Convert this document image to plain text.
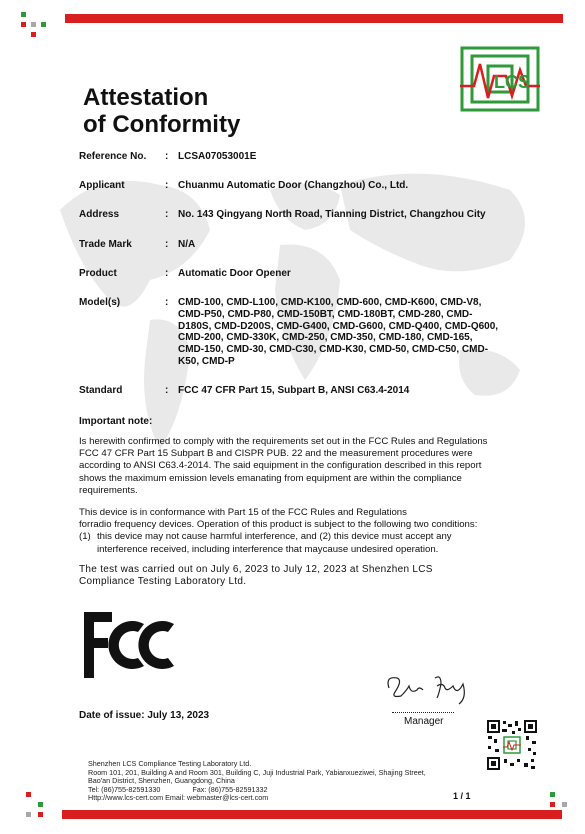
LCS
Attestation
of Conformity
Reference No. : LCSA07053001E
Applicant	: Chuanmu Automatic Door (Changzhou) Co., Ltd.
Address	: No. 143 Qingyang North Road, Tianning District, Changzhou City
Trade Mark	: N/A
Product	: Automatic Door Opener
Model(s)	: CMD-100, CMD-L100, CMD-K100, CMD-600, CMD-K600, CMD-V8, CMD-P50, CMD-P80, CMD-150BT, CMD-180BT, CMD-280, CMD-D180S, CMD-D200S, CMD-G400, CMD-G600, CMD-Q400, CMD-Q600, CMD-200, CMD-330K, CMD-250, CMD-350, CMD-180, CMD-165, CMD-150, CMD-30, CMD-C30, CMD-K30, CMD-50, CMD-C50, CMD-K50, CMD-P
Standard	: FCC 47 CFR Part 15, Subpart B, ANSI C63.4-2014
Important note:
Is herewith confirmed to comply with the requirements set out in the FCC Rules and Regulations FCC 47 CFR Part 15 Subpart B and CISPR PUB. 22 and the measurement procedures were according to ANSI C63.4-2014. The said equipment in the configuration described in this report shows the maximum emission levels emanating from equipment are within the compliance requirements.
This device is in conformance with Part 15 of the FCC Rules and Regulations
forradio frequency devices. Operation of this product is subject to the following two conditions:
(1) this device may not cause harmful interference, and (2) this device must accept any interference received, including interference that maycause undesired operation.
The test was carried out on July 6, 2023 to July 12, 2023 at Shenzhen LCS Compliance Testing Laboratory Ltd.
FCC
Gains Pianz
Manager
Date of issue: July 13, 2023
Shenzhen LCS Compliance Testing Laboratory Ltd.
Room 101, 201, Building A and Room 301, Building C, Juji Industrial Park, Yabianxueziwei, Shajing Street,
Bao'an District, Shenzhen, Guangdong, China
Tel: (86)755-82591330	Fax: (86)755-82591332
Http://www.lcs-cert.com Email: webmaster@lcs-cert.com	1 / 1
